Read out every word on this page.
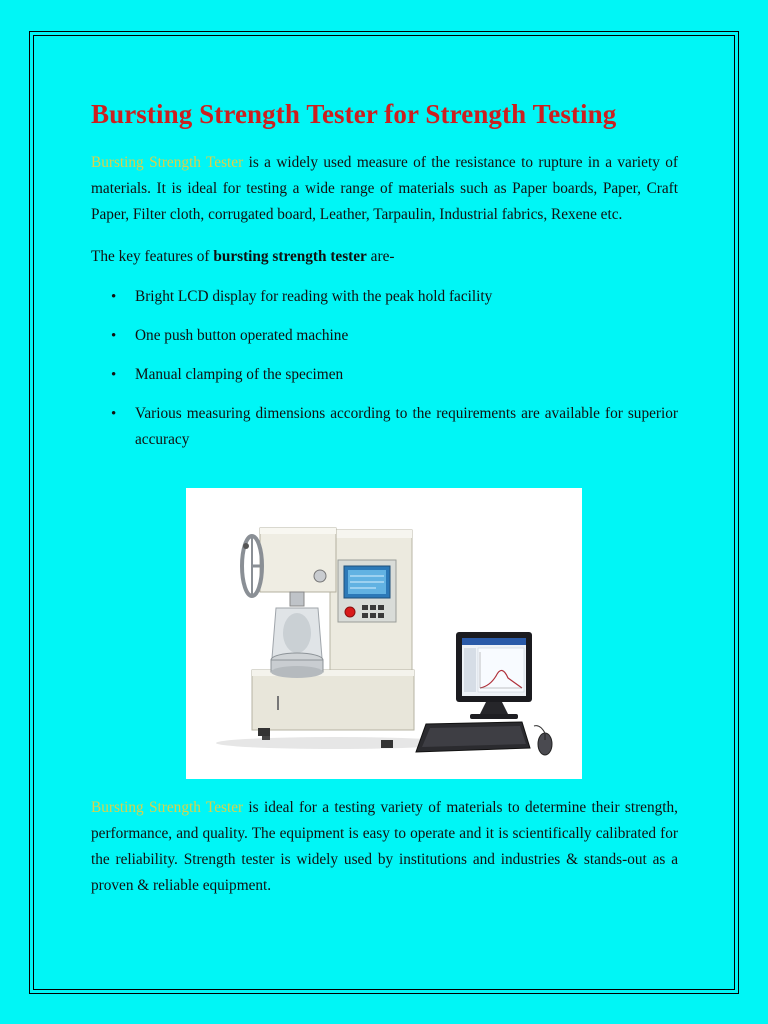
Bursting Strength Tester for Strength Testing

Bursting Strength Tester is a widely used measure of the resistance to rupture in a variety of materials. It is ideal for testing a wide range of materials such as Paper boards, Paper, Craft Paper, Filter cloth, corrugated board, Leather, Tarpaulin, Industrial fabrics, Rexene etc.

The key features of bursting strength tester are-

• Bright LCD display for reading with the peak hold facility
• One push button operated machine
• Manual clamping of the specimen
• Various measuring dimensions according to the requirements are available for superior accuracy

Bursting Strength Tester is ideal for a testing variety of materials to determine their strength, performance, and quality. The equipment is easy to operate and it is scientifically calibrated for the reliability. Strength tester is widely used by institutions and industries & stands-out as a proven & reliable equipment.
